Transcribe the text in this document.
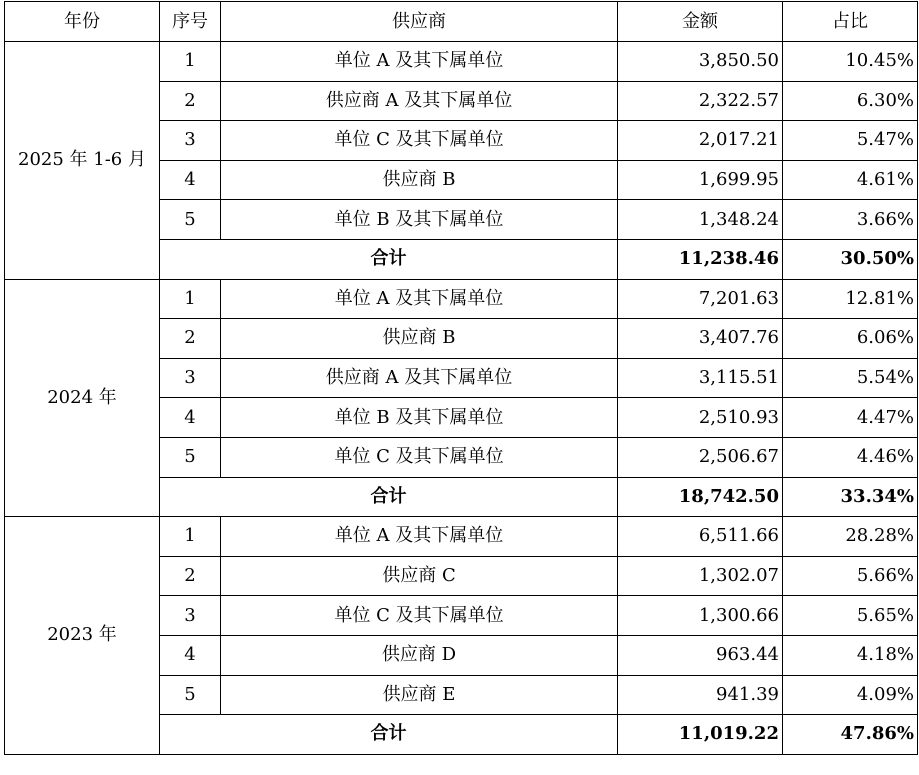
年份	序号	供应商	金额	占比
2025 年 1-6 月	1	单位 A 及其下属单位	3,850.50	10.45%
	2	供应商 A 及其下属单位	2,322.57	6.30%
	3	单位 C 及其下属单位	2,017.21	5.47%
	4	供应商 B	1,699.95	4.61%
	5	单位 B 及其下属单位	1,348.24	3.66%
	合计		11,238.46	30.50%
2024 年	1	单位 A 及其下属单位	7,201.63	12.81%
	2	供应商 B	3,407.76	6.06%
	3	供应商 A 及其下属单位	3,115.51	5.54%
	4	单位 B 及其下属单位	2,510.93	4.47%
	5	单位 C 及其下属单位	2,506.67	4.46%
	合计		18,742.50	33.34%
2023 年	1	单位 A 及其下属单位	6,511.66	28.28%
	2	供应商 C	1,302.07	5.66%
	3	单位 C 及其下属单位	1,300.66	5.65%
	4	供应商 D	963.44	4.18%
	5	供应商 E	941.39	4.09%
	合计		11,019.22	47.86%
